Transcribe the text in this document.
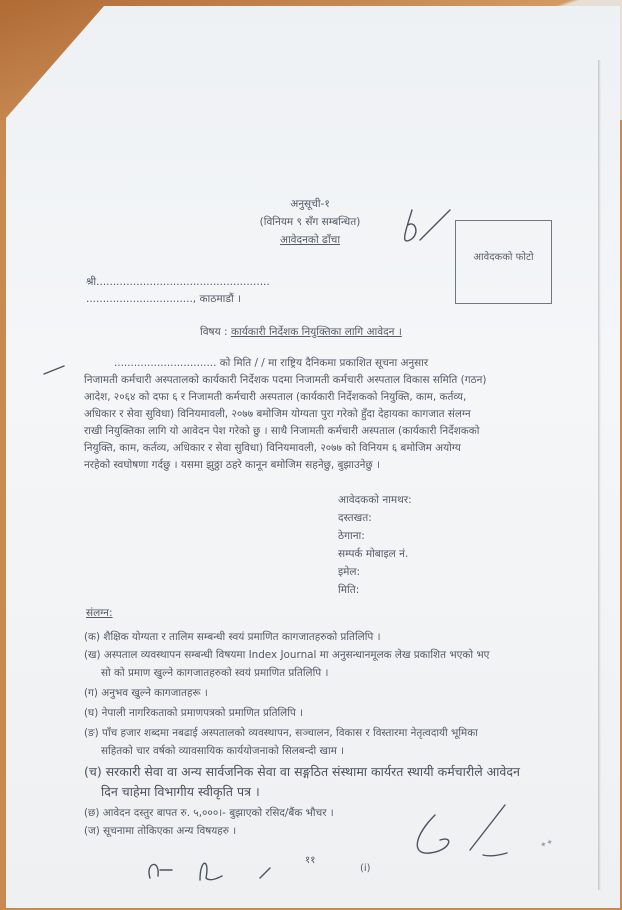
अनुसूची-१
(विनियम ९ सँग सम्बन्धित)
आवेदनको ढाँचा
आवेदकको फोटो
श्री....................................................
................................, काठमाडौं ।
विषय : कार्यकारी निर्देशक नियुक्तिका लागि आवेदन ।
............................... को मिति / / मा राष्ट्रिय दैनिकमा प्रकाशित सूचना अनुसार
निजामती कर्मचारी अस्पतालको कार्यकारी निर्देशक पदमा निजामती कर्मचारी अस्पताल विकास समिति (गठन)
आदेश, २०६४ को दफा ६ र निजामती कर्मचारी अस्पताल (कार्यकारी निर्देशकको नियुक्ति, काम, कर्तव्य,
अधिकार र सेवा सुविधा) विनियमावली, २०७७ बमोजिम योग्यता पुरा गरेको हुँदा देहायका कागजात संलग्न
राखी नियुक्तिका लागि यो आवेदन पेश गरेको छु । साथै निजामती कर्मचारी अस्पताल (कार्यकारी निर्देशकको
नियुक्ति, काम, कर्तव्य, अधिकार र सेवा सुविधा) विनियमावली, २०७७ को विनियम ६ बमोजिम अयोग्य
नरहेको स्वघोषणा गर्दछु । यसमा झुठ्ठा ठहरे कानून बमोजिम सहनेछु, बुझाउनेछु ।
आवेदकको नामथर:
दस्तखत:
ठेगाना:
सम्पर्क मोबाइल नं.
इमेल:
मिति:
संलग्न:
(क) शैक्षिक योग्यता र तालिम सम्बन्धी स्वयं प्रमाणित कागजातहरुको प्रतिलिपि ।
(ख) अस्पताल व्यवस्थापन सम्बन्धी विषयमा Index Journal मा अनुसन्धानमूलक लेख प्रकाशित भएको भए
सो को प्रमाण खुल्ने कागजातहरुको स्वयं प्रमाणित प्रतिलिपि ।
(ग) अनुभव खुल्ने कागजातहरू ।
(घ) नेपाली नागरिकताको प्रमाणपत्रको प्रमाणित प्रतिलिपि ।
(ङ) पाँच हजार शब्दमा नबढाई अस्पतालको व्यवस्थापन, सञ्चालन, विकास र विस्तारमा नेतृत्वदायी भूमिका
सहितको चार वर्षको व्यावसायिक कार्ययोजनाको सिलबन्दी खाम ।
(च) सरकारी सेवा वा अन्य सार्वजनिक सेवा वा सङ्गठित संस्थामा कार्यरत स्थायी कर्मचारीले आवेदन
दिन चाहेमा विभागीय स्वीकृति पत्र ।
(छ) आवेदन दस्तुर बापत रु. ५,०००।- बुझाएको रसिद/बैंक भौचर ।
(ज) सूचनामा तोकिएका अन्य विषयहरु ।
✦✦
११
(i)
